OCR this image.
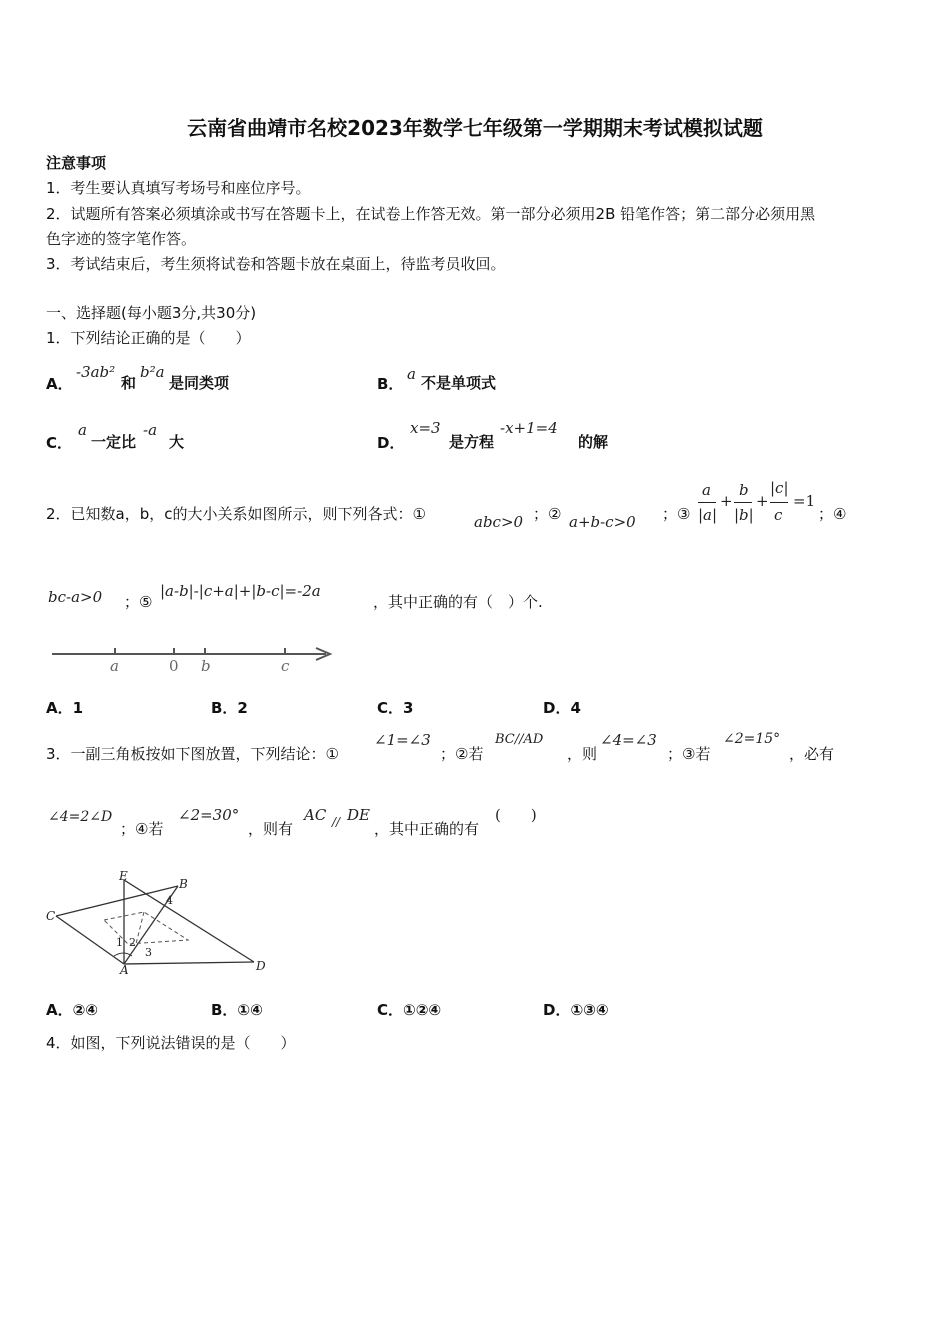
云南省曲靖市名校2023年数学七年级第一学期期末考试模拟试题
注意事项
1．考生要认真填写考场号和座位序号。
2．试题所有答案必须填涂或书写在答题卡上，在试卷上作答无效。第一部分必须用2B 铅笔作答；第二部分必须用黑
色字迹的签字笔作答。
3．考试结束后，考生须将试卷和答题卡放在桌面上，待监考员收回。
一、选择题(每小题3分,共30分)
1．下列结论正确的是（　　）
A．
-3ab²
和
b²a
是同类项	B．
a 不是单项式
C．
a
一定比
-a
大	D．
x=3
是方程
-x+1=4
的解
2．已知数a，b，c的大小关系如图所示，则下列各式：①	abc>0 ；② a+b-c>0 ；③
a
|a|
+
b
|b|
+
|c|
c
=1
；④
bc-a>0 ；⑤
|a-b|-|c+a|+|b-c|=-2a
，其中正确的有（　）个.
a	0 b	c
A．1	B．2	C．3	D．4
3．一副三角板按如下图放置，下列结论：①
∠1=∠3
；②若
BC//AD
，则
∠4=∠3
；③若
∠2=15°
，必有
∠4=2∠D
；④若
∠2=30°
，则有
AC // DE
，其中正确的有
(　　)
E
B
C
A	D
1 2
3
4
A．②④	B．①④	C．①②④	D．①③④
4．如图，下列说法错误的是（　　）
